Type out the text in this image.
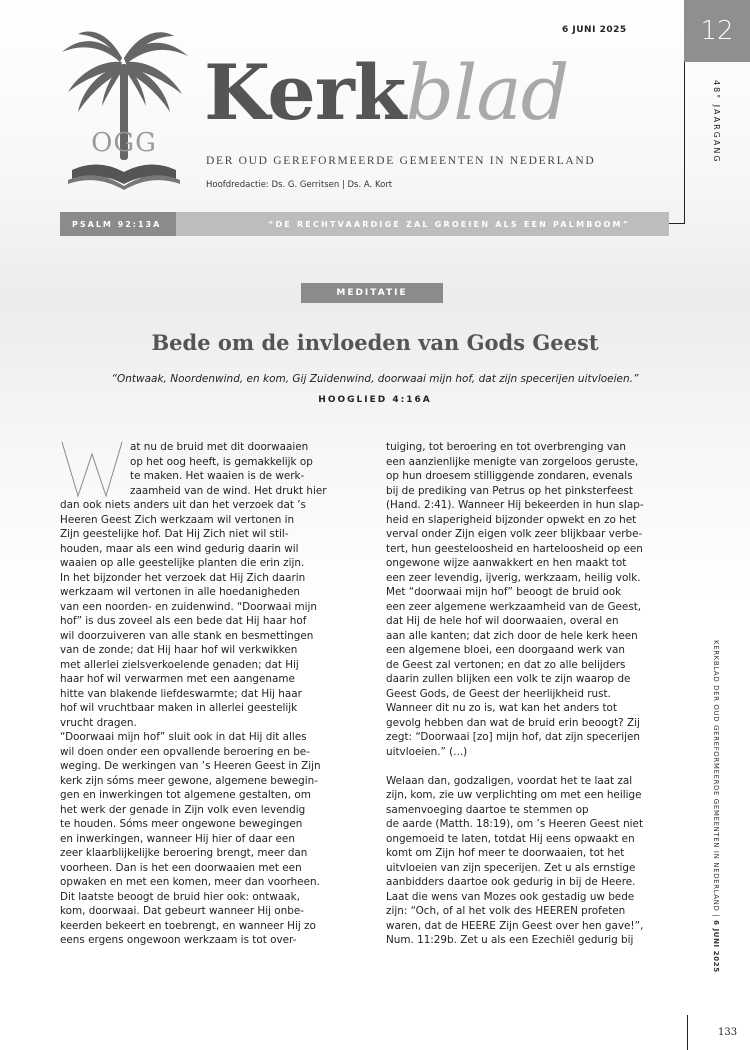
OGG
6 JUNI 2025	12
48° JAARGANG
Kerkblad
DER OUD GEREFORMEERDE GEMEENTEN IN NEDERLAND
Hoofdredactie: Ds. G. Gerritsen | Ds. A. Kort
PSALM 92:13A	“DE RECHTVAARDIGE ZAL GROEIEN ALS EEN PALMBOOM”
MEDITATIE
Bede om de invloeden van Gods Geest
“Ontwaak, Noordenwind, en kom, Gij Zuidenwind, doorwaai mijn hof, dat zijn specerijen uitvloeien.”
HOOGLIED 4:16A
at nu de bruid met dit doorwaaien
op het oog heeft, is gemakkelijk op
te maken. Het waaien is de werk-
zaamheid van de wind. Het drukt hier
dan ook niets anders uit dan het verzoek dat ’s
Heeren Geest Zich werkzaam wil vertonen in
Zijn geestelijke hof. Dat Hij Zich niet wil stil-
houden, maar als een wind gedurig daarin wil
waaien op alle geestelijke planten die erin zijn.
In het bijzonder het verzoek dat Hij Zich daarin
werkzaam wil vertonen in alle hoedanigheden
van een noorden- en zuidenwind. “Doorwaai mijn
hof” is dus zoveel als een bede dat Hij haar hof
wil doorzuiveren van alle stank en besmettingen
van de zonde; dat Hij haar hof wil verkwikken
met allerlei zielsverkoelende genaden; dat Hij
haar hof wil verwarmen met een aangename
hitte van blakende liefdeswarmte; dat Hij haar
hof wil vruchtbaar maken in allerlei geestelijk
vrucht dragen.
“Doorwaai mijn hof” sluit ook in dat Hij dit alles
wil doen onder een opvallende beroering en be-
weging. De werkingen van ’s Heeren Geest in Zijn
kerk zijn sóms meer gewone, algemene bewegin-
gen en inwerkingen tot algemene gestalten, om
het werk der genade in Zijn volk even levendig
te houden. Sóms meer ongewone bewegingen
en inwerkingen, wanneer Hij hier of daar een
zeer klaarblijkelijke beroering brengt, meer dan
voorheen. Dan is het een doorwaaien met een
opwaken en met een komen, meer dan voorheen.
Dit laatste beoogt de bruid hier ook: ontwaak,
kom, doorwaai. Dat gebeurt wanneer Hij onbe-
keerden bekeert en toebrengt, en wanneer Hij zo
eens ergens ongewoon werkzaam is tot over-
tuiging, tot beroering en tot overbrenging van
een aanzienlijke menigte van zorgeloos geruste,
op hun droesem stilliggende zondaren, evenals
bij de prediking van Petrus op het pinksterfeest
(Hand. 2:41). Wanneer Hij bekeerden in hun slap-
heid en slaperigheid bijzonder opwekt en zo het
verval onder Zijn eigen volk zeer blijkbaar verbe-
tert, hun geesteloosheid en harteloosheid op een
ongewone wijze aanwakkert en hen maakt tot
een zeer levendig, ijverig, werkzaam, heilig volk.
Met “doorwaai mijn hof” beoogt de bruid ook
een zeer algemene werkzaamheid van de Geest,
dat Hij de hele hof wil doorwaaien, overal en
aan alle kanten; dat zich door de hele kerk heen
een algemene bloei, een doorgaand werk van
de Geest zal vertonen; en dat zo alle belijders
daarin zullen blijken een volk te zijn waarop de
Geest Gods, de Geest der heerlijkheid rust.
Wanneer dit nu zo is, wat kan het anders tot
gevolg hebben dan wat de bruid erin beoogt? Zij
zegt: “Doorwaai [zo] mijn hof, dat zijn specerijen
uitvloeien.” (...)
Welaan dan, godzaligen, voordat het te laat zal
zijn, kom, zie uw verplichting om met een heilige
samenvoeging daartoe te stemmen op
de aarde (Matth. 18:19), om ’s Heeren Geest niet
ongemoeid te laten, totdat Hij eens opwaakt en
komt om Zijn hof meer te doorwaaien, tot het
uitvloeien van zijn specerijen. Zet u als ernstige
aanbidders daartoe ook gedurig in bij de Heere.
Laat die wens van Mozes ook gestadig uw bede
zijn: “Och, of al het volk des HEEREN profeten
waren, dat de HEERE Zijn Geest over hen gave!”,
Num. 11:29b. Zet u als een Ezechiël gedurig bij
KERKBLAD DER OUD GEREFORMEERDE GEMEENTEN IN NEDERLAND | 6 JUNI 2025
133
